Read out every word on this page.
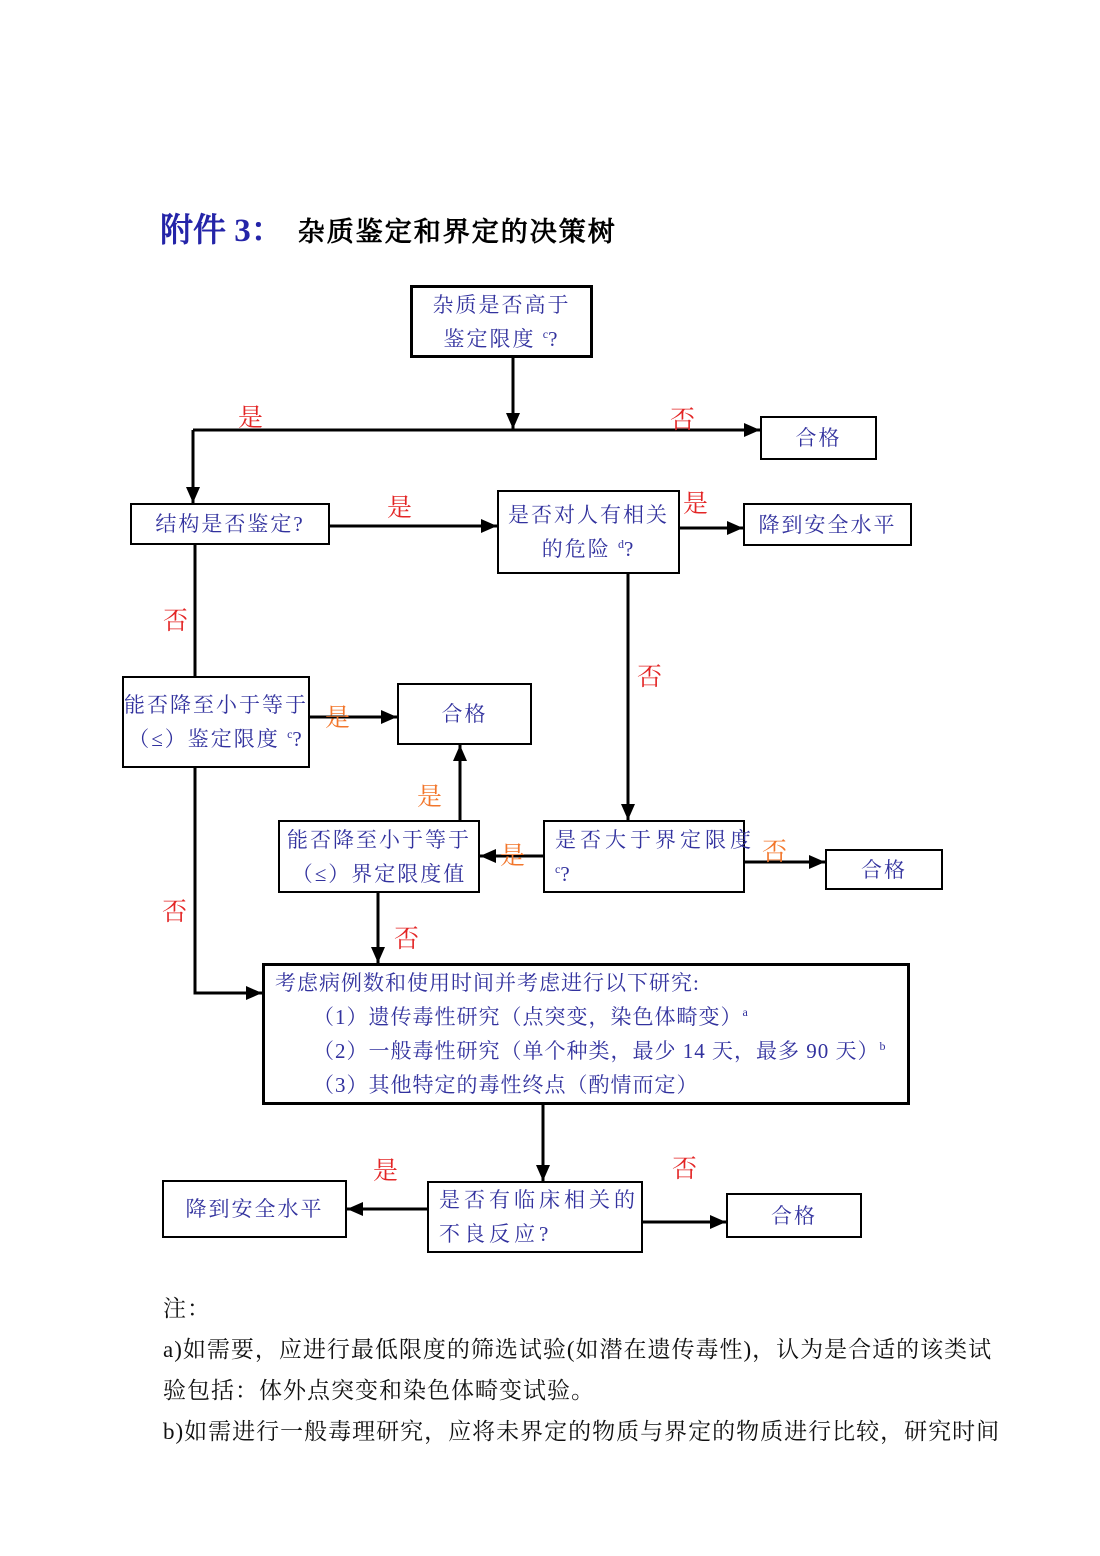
附件 3： 杂质鉴定和界定的决策树
杂质是否高于
鉴定限度 $^c$?
合格
结构是否鉴定?	是否对人有相关
的危险 $^d$?
降到安全水平
能否降至小于等于
（≤）鉴定限度 $^c$?
合格
能否降至小于等于
（≤）界定限度值
是否大于界定限度
$^c$?	合格
考虑病例数和使用时间并考虑进行以下研究:
（1）遗传毒性研究（点突变，染色体畸变）$^a$
（2）一般毒性研究（单个种类，最少 14 天，最多 90 天）$^b$
（3）其他特定的毒性终点（酌情而定）
降到安全水平	是否有临床相关的
不良反应?
合格
是	否
是	是
否
否
是
是
是	否
否
否
是	否
注：
a)如需要，应进行最低限度的筛选试验(如潜在遗传毒性)，认为是合适的该类试
验包括：体外点突变和染色体畸变试验。
b)如需进行一般毒理研究，应将未界定的物质与界定的物质进行比较，研究时间
